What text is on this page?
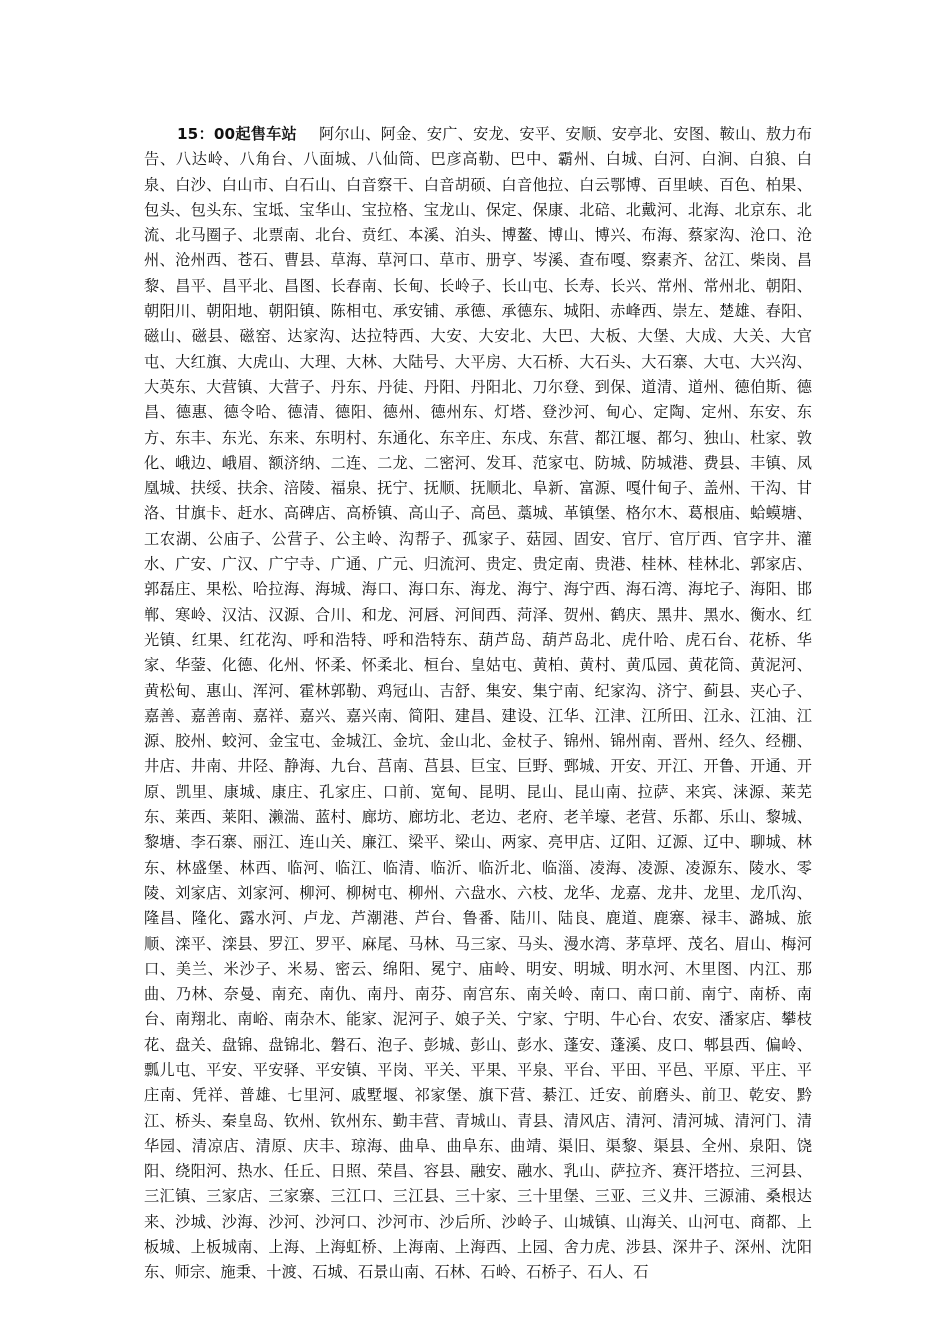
15：00起售车站 阿尔山、阿金、安广、安龙、安平、安顺、安亭北、安图、鞍山、敖力布告、八达岭、八角台、八面城、八仙筒、巴彦高勒、巴中、霸州、白城、白河、白涧、白狼、白泉、白沙、白山市、白石山、白音察干、白音胡硕、白音他拉、白云鄂博、百里峡、百色、柏果、包头、包头东、宝坻、宝华山、宝拉格、宝龙山、保定、保康、北碚、北戴河、北海、北京东、北流、北马圈子、北票南、北台、贲红、本溪、泊头、博鳌、博山、博兴、布海、蔡家沟、沧口、沧州、沧州西、苍石、曹县、草海、草河口、草市、册亨、岑溪、查布嘎、察素齐、岔江、柴岗、昌黎、昌平、昌平北、昌图、长春南、长甸、长岭子、长山屯、长寿、长兴、常州、常州北、朝阳、朝阳川、朝阳地、朝阳镇、陈相屯、承安铺、承德、承德东、城阳、赤峰西、崇左、楚雄、春阳、磁山、磁县、磁窑、达家沟、达拉特西、大安、大安北、大巴、大板、大堡、大成、大关、大官屯、大红旗、大虎山、大理、大林、大陆号、大平房、大石桥、大石头、大石寨、大屯、大兴沟、大英东、大营镇、大营子、丹东、丹徒、丹阳、丹阳北、刀尔登、到保、道清、道州、德伯斯、德昌、德惠、德令哈、德清、德阳、德州、德州东、灯塔、登沙河、甸心、定陶、定州、东安、东方、东丰、东光、东来、东明村、东通化、东辛庄、东戌、东营、都江堰、都匀、独山、杜家、敦化、峨边、峨眉、额济纳、二连、二龙、二密河、发耳、范家屯、防城、防城港、费县、丰镇、凤凰城、扶绥、扶余、涪陵、福泉、抚宁、抚顺、抚顺北、阜新、富源、嘎什甸子、盖州、干沟、甘洛、甘旗卡、赶水、高碑店、高桥镇、高山子、高邑、藁城、革镇堡、格尔木、葛根庙、蛤蟆塘、工农湖、公庙子、公营子、公主岭、沟帮子、孤家子、菇园、固安、官厅、官厅西、官字井、灌水、广安、广汉、广宁寺、广通、广元、归流河、贵定、贵定南、贵港、桂林、桂林北、郭家店、郭磊庄、果松、哈拉海、海城、海口、海口东、海龙、海宁、海宁西、海石湾、海坨子、海阳、邯郸、寒岭、汉沽、汉源、合川、和龙、河唇、河间西、菏泽、贺州、鹤庆、黑井、黑水、衡水、红光镇、红果、红花沟、呼和浩特、呼和浩特东、葫芦岛、葫芦岛北、虎什哈、虎石台、花桥、华家、华蓥、化德、化州、怀柔、怀柔北、桓台、皇姑屯、黄柏、黄村、黄瓜园、黄花筒、黄泥河、黄松甸、惠山、浑河、霍林郭勒、鸡冠山、吉舒、集安、集宁南、纪家沟、济宁、蓟县、夹心子、嘉善、嘉善南、嘉祥、嘉兴、嘉兴南、简阳、建昌、建设、江华、江津、江所田、江永、江油、江源、胶州、蛟河、金宝屯、金城江、金坑、金山北、金杖子、锦州、锦州南、晋州、经久、经棚、井店、井南、井陉、静海、九台、莒南、莒县、巨宝、巨野、鄄城、开安、开江、开鲁、开通、开原、凯里、康城、康庄、孔家庄、口前、宽甸、昆明、昆山、昆山南、拉萨、来宾、涞源、莱芜东、莱西、莱阳、濑湍、蓝村、廊坊、廊坊北、老边、老府、老羊壕、老营、乐都、乐山、黎城、黎塘、李石寨、丽江、连山关、廉江、梁平、梁山、两家、亮甲店、辽阳、辽源、辽中、聊城、林东、林盛堡、林西、临河、临江、临清、临沂、临沂北、临淄、凌海、凌源、凌源东、陵水、零陵、刘家店、刘家河、柳河、柳树屯、柳州、六盘水、六枝、龙华、龙嘉、龙井、龙里、龙爪沟、隆昌、隆化、露水河、卢龙、芦潮港、芦台、鲁番、陆川、陆良、鹿道、鹿寨、禄丰、潞城、旅顺、滦平、滦县、罗江、罗平、麻尾、马林、马三家、马头、漫水湾、茅草坪、茂名、眉山、梅河口、美兰、米沙子、米易、密云、绵阳、冕宁、庙岭、明安、明城、明水河、木里图、内江、那曲、乃林、奈曼、南充、南仇、南丹、南芬、南宫东、南关岭、南口、南口前、南宁、南桥、南台、南翔北、南峪、南杂木、能家、泥河子、娘子关、宁家、宁明、牛心台、农安、潘家店、攀枝花、盘关、盘锦、盘锦北、磐石、泡子、彭城、彭山、彭水、蓬安、蓬溪、皮口、郫县西、偏岭、瓢儿屯、平安、平安驿、平安镇、平岗、平关、平果、平泉、平台、平田、平邑、平原、平庄、平庄南、凭祥、普雄、七里河、戚墅堰、祁家堡、旗下营、綦江、迁安、前磨头、前卫、乾安、黔江、桥头、秦皇岛、钦州、钦州东、勤丰营、青城山、青县、清风店、清河、清河城、清河门、清华园、清凉店、清原、庆丰、琼海、曲阜、曲阜东、曲靖、渠旧、渠黎、渠县、全州、泉阳、饶阳、绕阳河、热水、任丘、日照、荣昌、容县、融安、融水、乳山、萨拉齐、赛汗塔拉、三河县、三汇镇、三家店、三家寨、三江口、三江县、三十家、三十里堡、三亚、三义井、三源浦、桑根达来、沙城、沙海、沙河、沙河口、沙河市、沙后所、沙岭子、山城镇、山海关、山河屯、商都、上板城、上板城南、上海、上海虹桥、上海南、上海西、上园、舍力虎、涉县、深井子、深州、沈阳东、师宗、施秉、十渡、石城、石景山南、石林、石岭、石桥子、石人、石
